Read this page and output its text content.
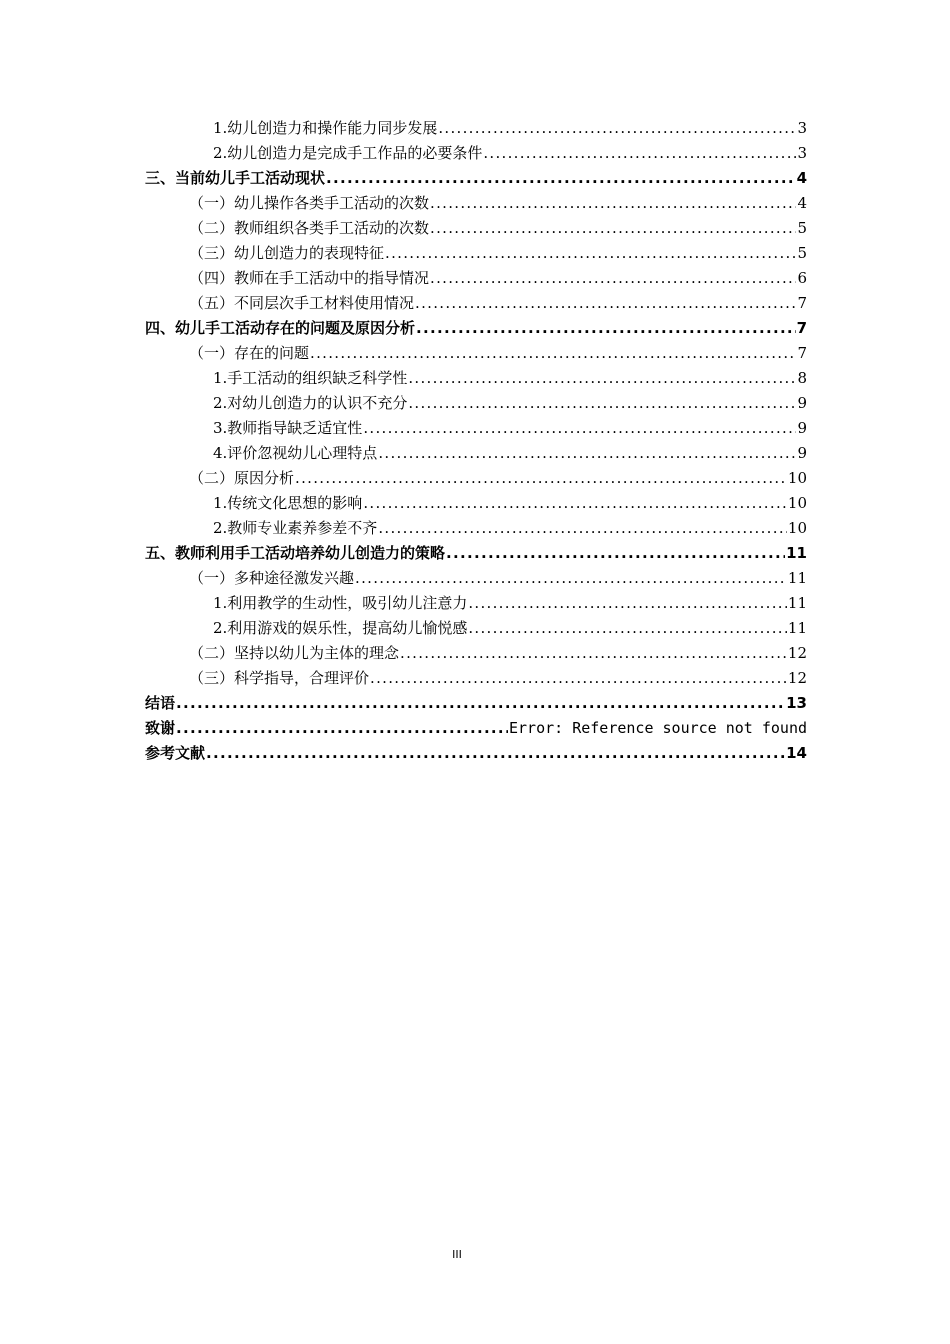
1.幼儿创造力和操作能力同步发展 .....	3
2.幼儿创造力是完成手工作品的必要条件 .....	3
三、 当前幼儿手工活动现状 .....	4
（一）幼儿操作各类手工活动的次数 .....	4
（二）教师组织各类手工活动的次数 .....	5
（三）幼儿创造力的表现特征 .....	5
（四）教师在手工活动中的指导情况 .....	6
（五）不同层次手工材料使用情况 .....	7
四、 幼儿手工活动存在的问题及原因分析 .....	7
（一）存在的问题 .....	7
1.手工活动的组织缺乏科学性 .....	8
2.对幼儿创造力的认识不充分 .....	9
3.教师指导缺乏适宜性 .....	9
4.评价忽视幼儿心理特点 .....	9
（二）原因分析 .....	10
1.传统文化思想的影响 .....	10
2.教师专业素养参差不齐 .....	10
五、 教师利用手工活动培养幼儿创造力的策略 .....	11
（一）多种途径激发兴趣 .....	11
1.利用教学的生动性，吸引幼儿注意力 .....	11
2.利用游戏的娱乐性，提高幼儿愉悦感 .....	11
（二）坚持以幼儿为主体的理念 .....	12
（三）科学指导，合理评价 .....	12
结语 .....	13
致谢 .....	Error: Reference source not found
参考文献 .....	14
III
